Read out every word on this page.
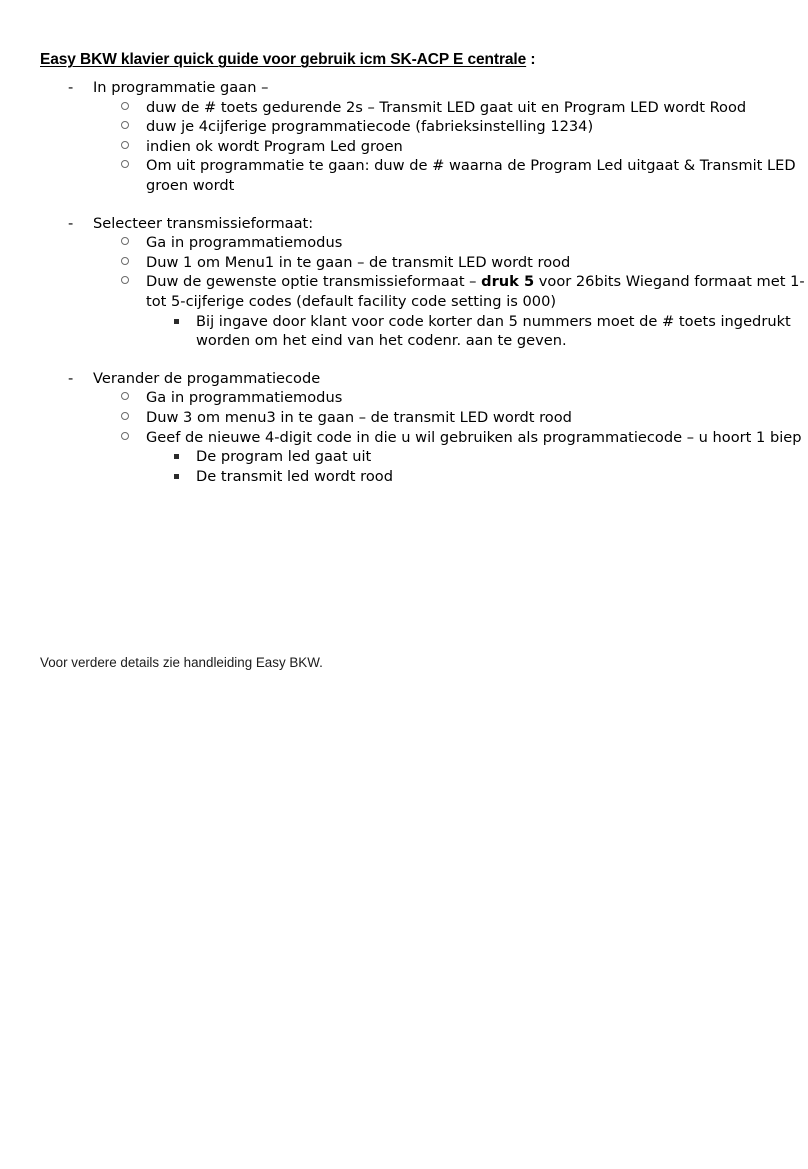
Easy BKW klavier quick guide voor gebruik icm SK-ACP E centrale :
- In programmatie gaan –
duw de # toets gedurende 2s – Transmit LED gaat uit en Program LED wordt Rood
duw je 4cijferige programmatiecode (fabrieksinstelling 1234)
indien ok wordt Program Led groen
Om uit programmatie te gaan: duw de # waarna de Program Led uitgaat & Transmit LED groen wordt
- Selecteer transmissieformaat:
Ga in programmatiemodus
Duw 1 om Menu1 in te gaan – de transmit LED wordt rood
Duw de gewenste optie transmissieformaat – druk 5 voor 26bits Wiegand formaat met 1- tot 5-cijferige codes (default facility code setting is 000)
Bij ingave door klant voor code korter dan 5 nummers moet de # toets ingedrukt worden om het eind van het codenr. aan te geven.
- Verander de progammatiecode
Ga in programmatiemodus
Duw 3 om menu3 in te gaan – de transmit LED wordt rood
Geef de nieuwe 4-digit code in die u wil gebruiken als programmatiecode – u hoort 1 biep
De program led gaat uit
De transmit led wordt rood

Voor verdere details zie handleiding Easy BKW.
